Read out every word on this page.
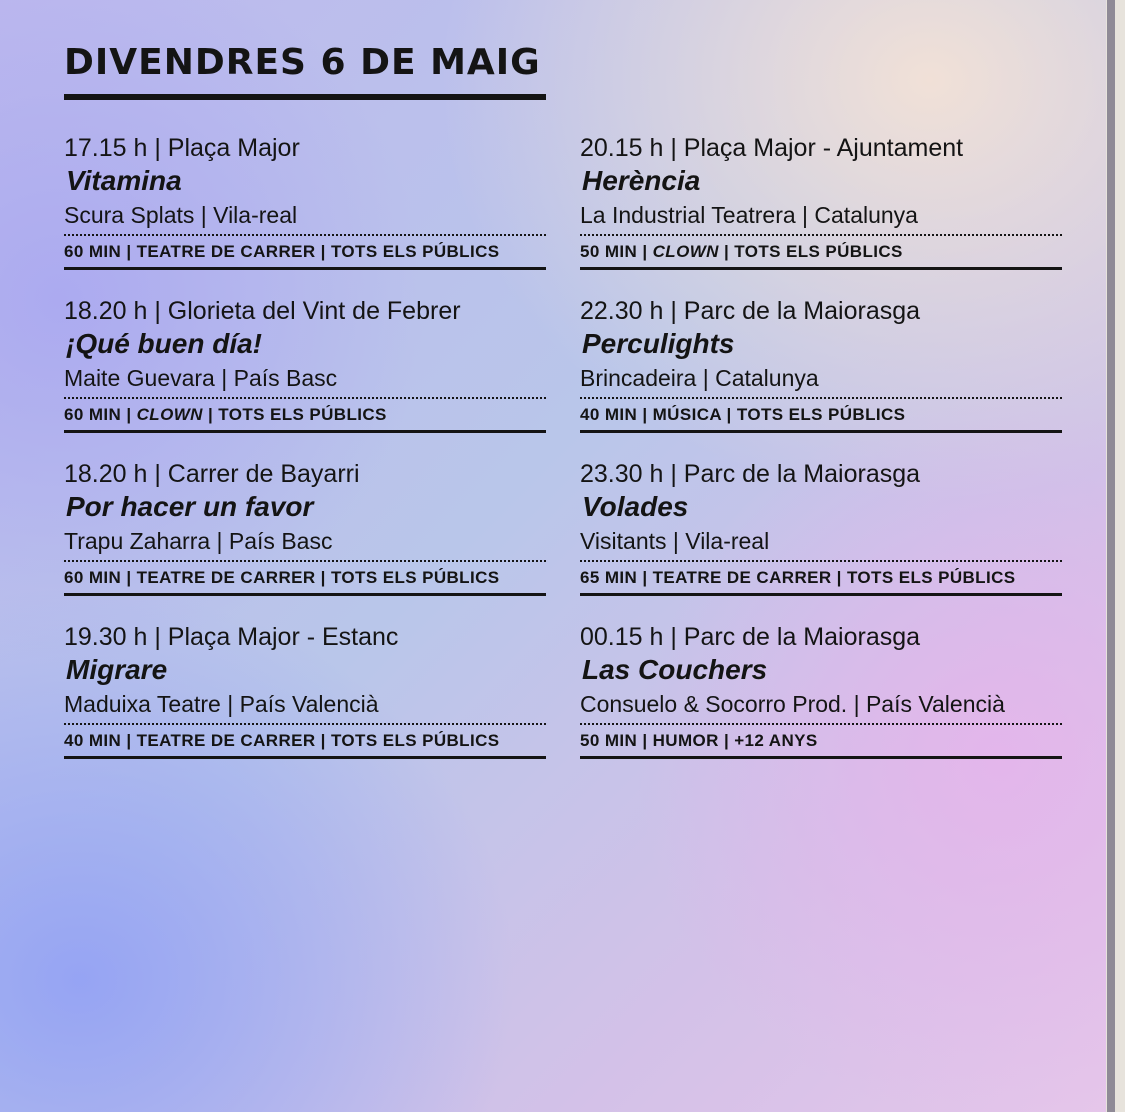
DIVENDRES 6 DE MAIG
17.15 h | Plaça Major
Vitamina
Scura Splats | Vila-real
60 MIN | TEATRE DE CARRER | TOTS ELS PÚBLICS
20.15 h | Plaça Major - Ajuntament
Herència
La Industrial Teatrera | Catalunya
50 MIN | CLOWN | TOTS ELS PÚBLICS
18.20 h | Glorieta del Vint de Febrer
¡Qué buen día!
Maite Guevara | País Basc
60 MIN | CLOWN | TOTS ELS PÚBLICS
22.30 h | Parc de la Maiorasga
Perculights
Brincadeira | Catalunya
40 MIN | MÚSICA | TOTS ELS PÚBLICS
18.20 h | Carrer de Bayarri
Por hacer un favor
Trapu Zaharra | País Basc
60 MIN | TEATRE DE CARRER | TOTS ELS PÚBLICS
23.30 h | Parc de la Maiorasga
Volades
Visitants | Vila-real
65 MIN | TEATRE DE CARRER | TOTS ELS PÚBLICS
19.30 h | Plaça Major - Estanc
Migrare
Maduixa Teatre | País Valencià
40 MIN | TEATRE DE CARRER | TOTS ELS PÚBLICS
00.15 h | Parc de la Maiorasga
Las Couchers
Consuelo & Socorro Prod. | País Valencià
50 MIN | HUMOR | +12 ANYS
